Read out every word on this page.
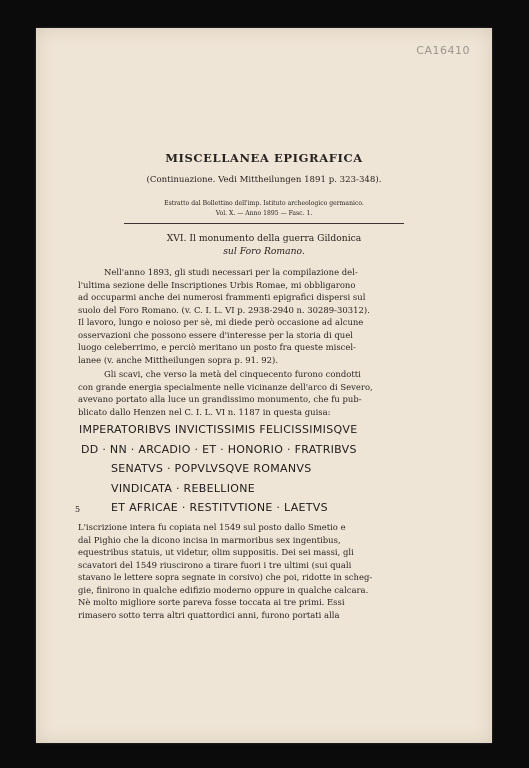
CA16410
MISCELLANEA EPIGRAFICA
(Continuazione. Vedi Mittheilungen 1891 p. 323-348).
Estratto dal Bollettino dell'imp. Istituto archeologico germanico.
Vol. X. — Anno 1895 — Fasc. 1.
XVI. Il monumento della guerra Gildonica
sul Foro Romano.
Nell'anno 1893, gli studi necessari per la compilazione del-
l'ultima sezione delle Inscriptiones Urbis Romae, mi obbligarono
ad occuparmi anche dei numerosi frammenti epigrafici dispersi sul
suolo del Foro Romano. (v. C. I. L. VI p. 2938-2940 n. 30289-30312).
Il lavoro, lungo e noioso per sè, mi diede però occasione ad alcune
osservazioni che possono essere d'interesse per la storia di quel
luogo celeberrimo, e perciò meritano un posto fra queste miscel-
lanee (v. anche Mittheilungen sopra p. 91. 92).
Gli scavi, che verso la metà del cinquecento furono condotti
con grande energia specialmente nelle vicinanze dell'arco di Severo,
avevano portato alla luce un grandissimo monumento, che fu pub-
blicato dallo Henzen nel C. I. L. VI n. 1187 in questa guisa:
IMPERATORIBVS INVICTISSIMIS FELICISSIMISQVE
DD · NN · ARCADIO · ET · HONORIO · FRATRIBVS
SENATVS · POPVLVSQVE ROMANVS
VINDICATA · REBELLIONE
5	ET AFRICAE · RESTITVTIONE · LAETVS
L'iscrizione intera fu copiata nel 1549 sul posto dallo Smetio e
dal Pighio che la dicono incisa in marmoribus sex ingentibus,
equestribus statuis, ut videtur, olim suppositis. Dei sei massi, gli
scavatori del 1549 riuscirono a tirare fuori i tre ultimi (sui quali
stavano le lettere sopra segnate in corsivo) che poi, ridotte in scheg-
gie, finirono in qualche edifizio moderno oppure in qualche calcara.
Nè molto migliore sorte pareva fosse toccata ai tre primi. Essi
rimasero sotto terra altri quattordici anni, furono portati alla
